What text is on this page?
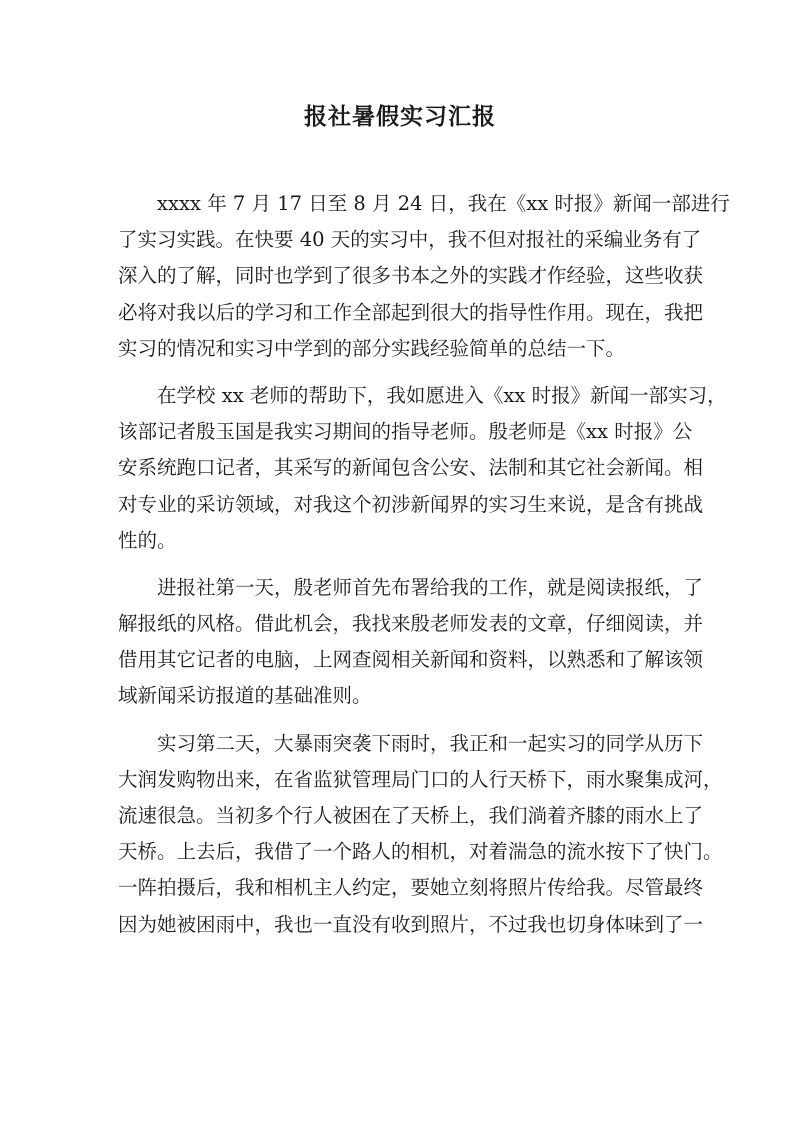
报社暑假实习汇报
xxxx 年 7 月 17 日至 8 月 24 日，我在《xx 时报》新闻一部进行
了实习实践。在快要 40 天的实习中，我不但对报社的采编业务有了
深入的了解，同时也学到了很多书本之外的实践才作经验，这些收获
必将对我以后的学习和工作全部起到很大的指导性作用。现在，我把
实习的情况和实习中学到的部分实践经验简单的总结一下。
在学校 xx 老师的帮助下，我如愿进入《xx 时报》新闻一部实习，
该部记者殷玉国是我实习期间的指导老师。殷老师是《xx 时报》公
安系统跑口记者，其采写的新闻包含公安、法制和其它社会新闻。相
对专业的采访领域，对我这个初涉新闻界的实习生来说，是含有挑战
性的。
进报社第一天，殷老师首先布署给我的工作，就是阅读报纸，了
解报纸的风格。借此机会，我找来殷老师发表的文章，仔细阅读，并
借用其它记者的电脑，上网查阅相关新闻和资料，以熟悉和了解该领
域新闻采访报道的基础准则。
实习第二天，大暴雨突袭下雨时，我正和一起实习的同学从历下
大润发购物出来，在省监狱管理局门口的人行天桥下，雨水聚集成河，
流速很急。当初多个行人被困在了天桥上，我们淌着齐膝的雨水上了
天桥。上去后，我借了一个路人的相机，对着湍急的流水按下了快门。
一阵拍摄后，我和相机主人约定，要她立刻将照片传给我。尽管最终
因为她被困雨中，我也一直没有收到照片，不过我也切身体味到了一
